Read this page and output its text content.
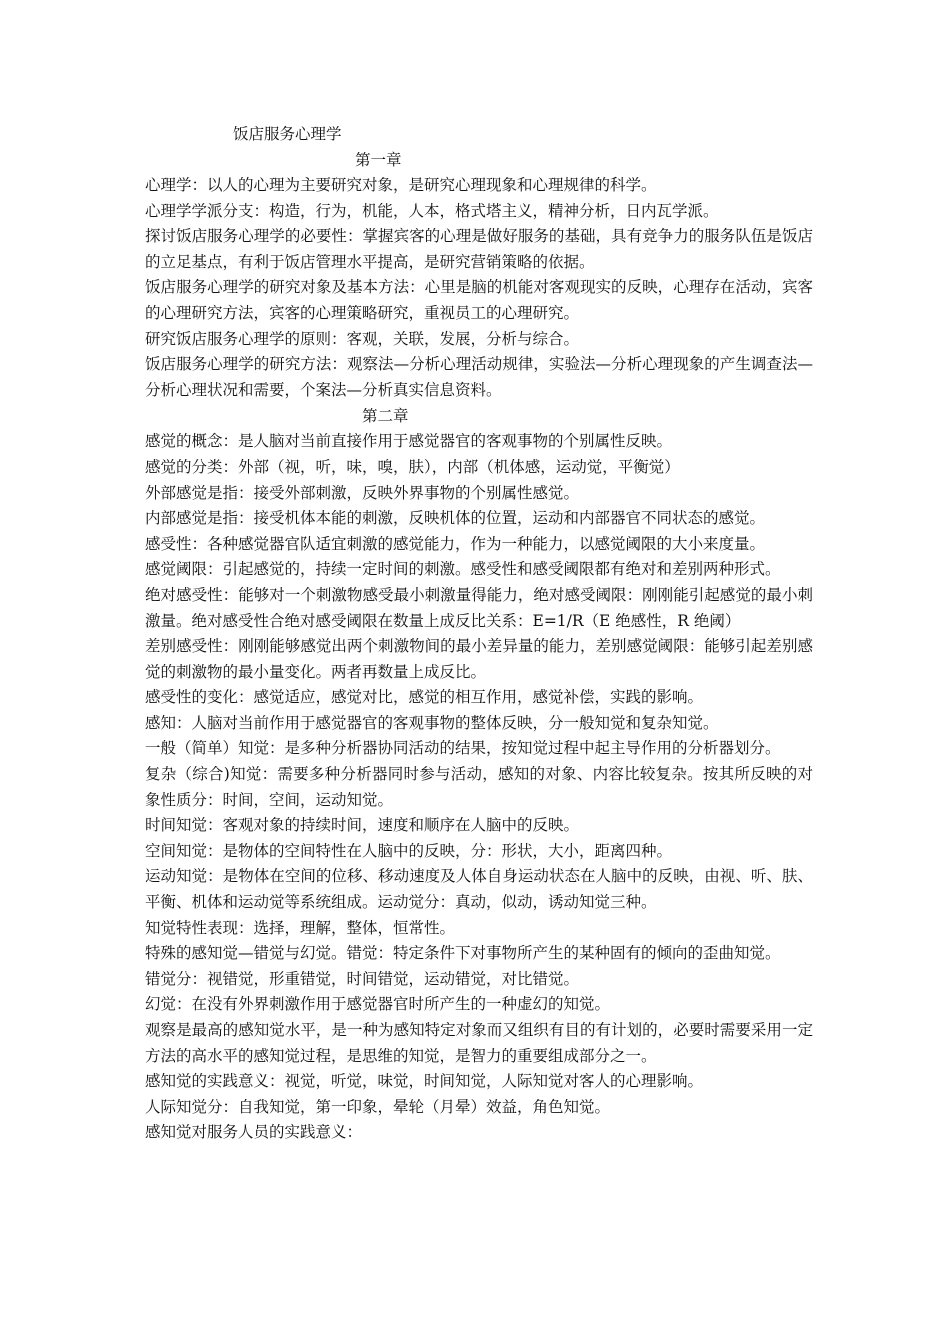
饭店服务心理学
第一章

心理学：以人的心理为主要研究对象，是研究心理现象和心理规律的科学。

心理学学派分支：构造，行为，机能，人本，格式塔主义，精神分析，日内瓦学派。

探讨饭店服务心理学的必要性：掌握宾客的心理是做好服务的基础，具有竞争力的服务队伍是饭店的立足基点，有利于饭店管理水平提高，是研究营销策略的依据。

饭店服务心理学的研究对象及基本方法：心里是脑的机能对客观现实的反映，心理存在活动，宾客的心理研究方法，宾客的心理策略研究，重视员工的心理研究。

研究饭店服务心理学的原则：客观，关联，发展，分析与综合。

饭店服务心理学的研究方法：观察法—分析心理活动规律，实验法—分析心理现象的产生调查法—分析心理状况和需要，个案法—分析真实信息资料。

第二章

感觉的概念：是人脑对当前直接作用于感觉器官的客观事物的个别属性反映。

感觉的分类：外部（视，听，味，嗅，肤），内部（机体感，运动觉，平衡觉）

外部感觉是指：接受外部刺激，反映外界事物的个别属性感觉。

内部感觉是指：接受机体本能的刺激，反映机体的位置，运动和内部器官不同状态的感觉。

感受性：各种感觉器官队适宜刺激的感觉能力，作为一种能力，以感觉阈限的大小来度量。

感觉阈限：引起感觉的，持续一定时间的刺激。感受性和感受阈限都有绝对和差别两种形式。

绝对感受性：能够对一个刺激物感受最小刺激量得能力，绝对感受阈限：刚刚能引起感觉的最小刺激量。绝对感受性合绝对感受阈限在数量上成反比关系：E=1/R（E 绝感性，R 绝阈）

差别感受性：刚刚能够感觉出两个刺激物间的最小差异量的能力，差别感觉阈限：能够引起差别感觉的刺激物的最小量变化。两者再数量上成反比。

感受性的变化：感觉适应，感觉对比，感觉的相互作用，感觉补偿，实践的影响。

感知：人脑对当前作用于感觉器官的客观事物的整体反映，分一般知觉和复杂知觉。

一般（简单）知觉：是多种分析器协同活动的结果，按知觉过程中起主导作用的分析器划分。

复杂（综合)知觉：需要多种分析器同时参与活动，感知的对象、内容比较复杂。按其所反映的对象性质分：时间，空间，运动知觉。

时间知觉：客观对象的持续时间，速度和顺序在人脑中的反映。

空间知觉：是物体的空间特性在人脑中的反映，分：形状，大小，距离四种。

运动知觉：是物体在空间的位移、移动速度及人体自身运动状态在人脑中的反映，由视、听、肤、平衡、机体和运动觉等系统组成。运动觉分：真动，似动，诱动知觉三种。

知觉特性表现：选择，理解，整体，恒常性。

特殊的感知觉—错觉与幻觉。错觉：特定条件下对事物所产生的某种固有的倾向的歪曲知觉。

错觉分：视错觉，形重错觉，时间错觉，运动错觉，对比错觉。

幻觉：在没有外界刺激作用于感觉器官时所产生的一种虚幻的知觉。

观察是最高的感知觉水平，是一种为感知特定对象而又组织有目的有计划的，必要时需要采用一定方法的高水平的感知觉过程，是思维的知觉，是智力的重要组成部分之一。

感知觉的实践意义：视觉，听觉，味觉，时间知觉，人际知觉对客人的心理影响。

人际知觉分：自我知觉，第一印象，晕轮（月晕）效益，角色知觉。

感知觉对服务人员的实践意义：
